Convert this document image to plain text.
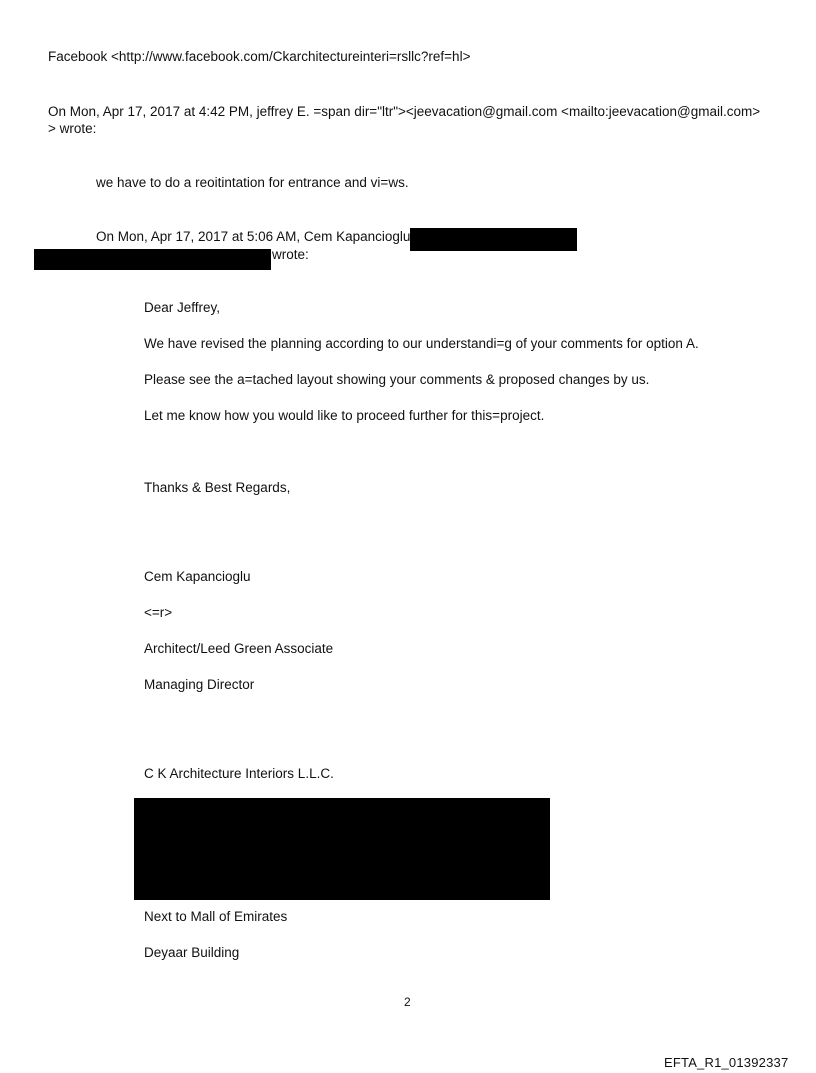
Facebook <http://www.facebook.com/Ckarchitectureinteri=rsllc?ref=hl>
On Mon, Apr 17, 2017 at 4:42 PM, jeffrey E. =span dir="ltr"><jeevacation@gmail.com <mailto:jeevacation@gmail.com>
> wrote:
we have to do a reoitintation for entrance and vi=ws.
On Mon, Apr 17, 2017 at 5:06 AM, Cem Kapancioglu
wrote:
Dear Jeffrey,
We have revised the planning according to our understandi=g of your comments for option A.
Please see the a=tached layout showing your comments & proposed changes by us.
Let me know how you would like to proceed further for this=project.
Thanks & Best Regards,
Cem Kapancioglu
<=r>
Architect/Leed Green Associate
Managing Director
C K Architecture Interiors L.L.C.
Next to Mall of Emirates
Deyaar Building
2
EFTA_R1_01392337
